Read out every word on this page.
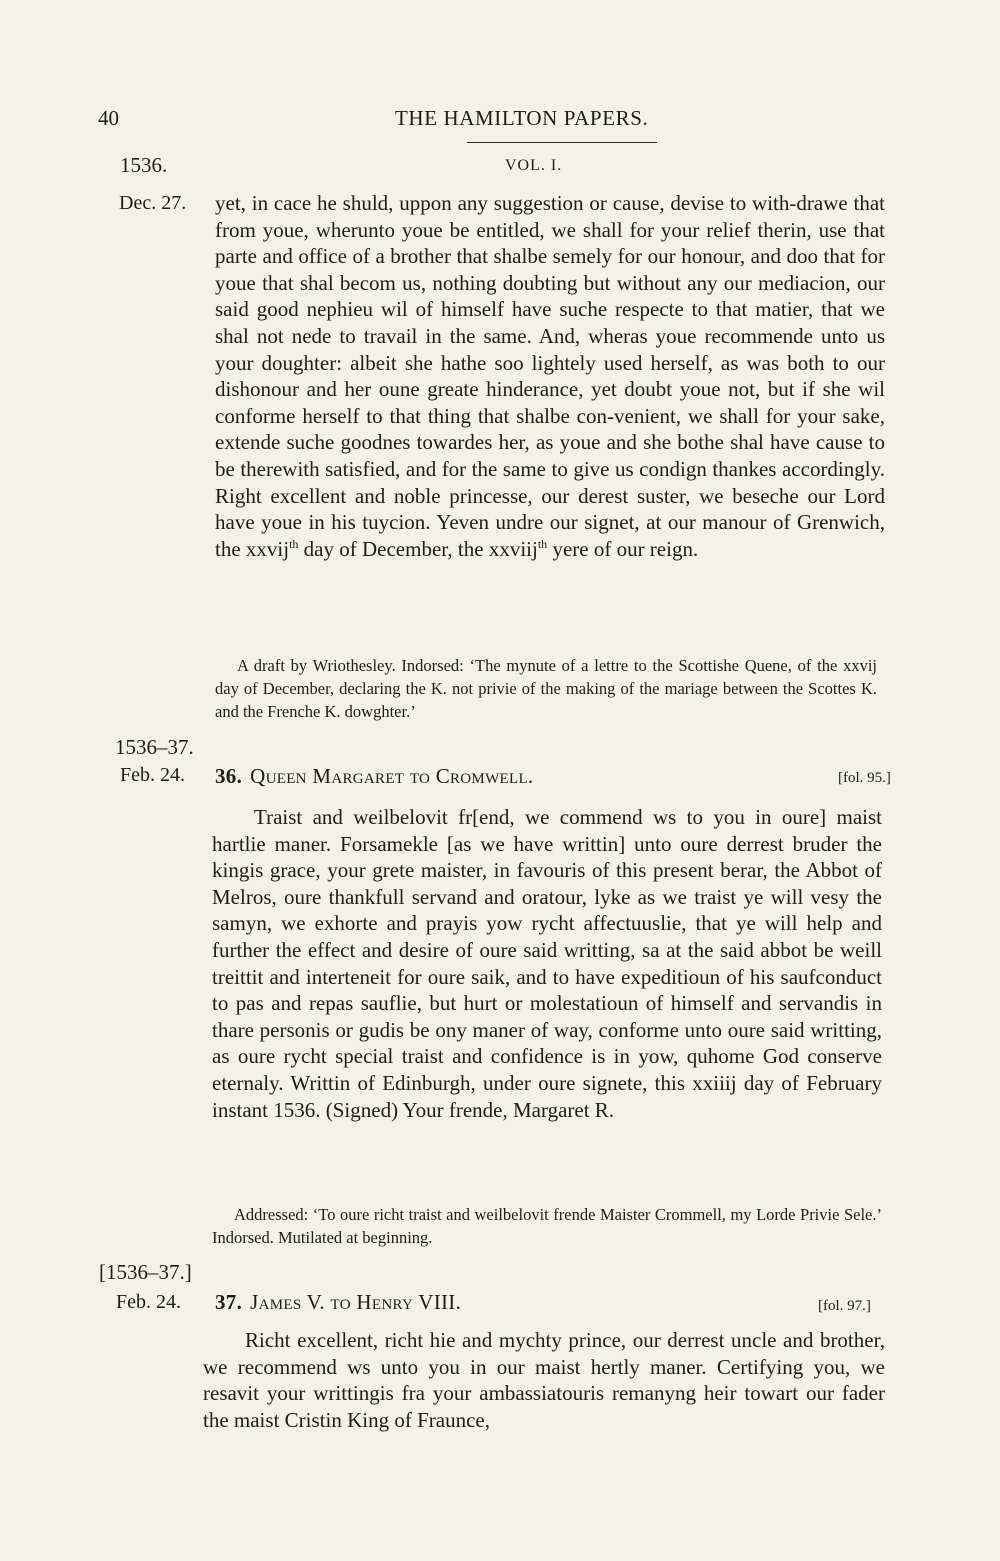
40	THE HAMILTON PAPERS.
1536.	VOL. I.
Dec. 27. yet, in cace he shuld, uppon any suggestion or cause, devise to with-drawe that from youe, wherunto youe be entitled, we shall for your relief therin, use that parte and office of a brother that shalbe semely for our honour, and doo that for youe that shal becom us, nothing doubting but without any our mediacion, our said good nephieu wil of himself have suche respecte to that matier, that we shal not nede to travail in the same. And, wheras youe recommende unto us your doughter: albeit she hathe soo lightely used herself, as was both to our dishonour and her oune greate hinderance, yet doubt youe not, but if she wil conforme herself to that thing that shalbe con-venient, we shall for your sake, extende suche goodnes towardes her, as youe and she bothe shal have cause to be therewith satisfied, and for the same to give us condign thankes accordingly. Right excellent and noble princesse, our derest suster, we beseche our Lord have youe in his tuycion. Yeven undre our signet, at our manour of Grenwich, the xxvij$^{th}$ day of December, the xxviij$^{th}$ yere of our reign.

A draft by Wriothesley. Indorsed: ‘The mynute of a lettre to the Scottishe Quene, of the xxvij day of December, declaring the K. not privie of the making of the mariage between the Scottes K. and the Frenche K. dowghter.’

1536–37.
Feb. 24. 36. Queen Margaret to Cromwell.	[fol. 95.]

Traist and weilbelovit fr[end, we commend ws to you in oure] maist hartlie maner. Forsamekle [as we have writtin] unto oure derrest bruder the kingis grace, your grete maister, in favouris of this present berar, the Abbot of Melros, oure thankfull servand and oratour, lyke as we traist ye will vesy the samyn, we exhorte and prayis yow rycht affectuuslie, that ye will help and further the effect and desire of oure said writting, sa at the said abbot be weill treittit and interteneit for oure saik, and to have expeditioun of his saufconduct to pas and repas sauflie, but hurt or molestatioun of himself and servandis in thare personis or gudis be ony maner of way, conforme unto oure said writting, as oure rycht special traist and confidence is in yow, quhome God conserve eternaly. Writtin of Edinburgh, under oure signete, this xxiiij day of February instant 1536. (Signed) Your frende, Margaret R.

Addressed: ‘To oure richt traist and weilbelovit frende Maister Crommell, my Lorde Privie Sele.’ Indorsed. Mutilated at beginning.

[1536–37.]
Feb. 24. 37. James V. to Henry VIII.	[fol. 97.]

Richt excellent, richt hie and mychty prince, our derrest uncle and brother, we recommend ws unto you in our maist hertly maner. Certifying you, we resavit your writtingis fra your ambassiatouris remanyng heir towart our fader the maist Cristin King of Fraunce,
